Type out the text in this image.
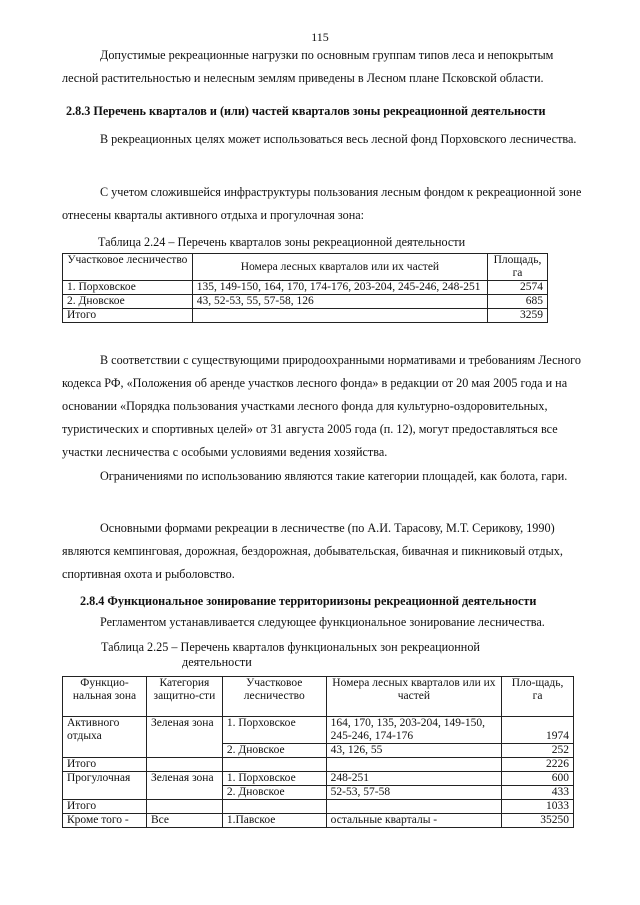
115

Допустимые рекреационные нагрузки по основным группам типов леса и непокрытым лесной растительностью и нелесным землям приведены в Лесном плане Псковской области.

2.8.3 Перечень кварталов и (или) частей кварталов зоны рекреационной деятельности

В рекреационных целях может использоваться весь лесной фонд Порховского лесничества.

С учетом сложившейся инфраструктуры пользования лесным фондом к рекреационной зоне отнесены кварталы активного отдыха и прогулочная зона:

Таблица 2.24 – Перечень кварталов зоны рекреационной деятельности

Участковое лесничество	Номера лесных кварталов или их частей	Площадь, га
1. Порховское	135, 149-150, 164, 170, 174-176, 203-204, 245-246, 248-251	2574
2. Дновское	43, 52-53, 55, 57-58, 126	685
Итого		3259

В соответствии с существующими природоохранными нормативами и требованиям Лесного кодекса РФ, «Положения об аренде участков лесного фонда» в редакции от 20 мая 2005 года и на основании «Порядка пользования участками лесного фонда для культурно-оздоровительных, туристических и спортивных целей» от 31 августа 2005 года (п. 12), могут предоставляться все участки лесничества с особыми условиями ведения хозяйства.

Ограничениями по использованию являются такие категории площадей, как болота, гари.

Основными формами рекреации в лесничестве (по А.И. Тарасову, М.Т. Серикову, 1990) являются кемпинговая, дорожная, бездорожная, добывательская, бивачная и пикниковый отдых, спортивная охота и рыболовство.

2.8.4 Функциональное зонирование территориизоны рекреационной деятельности

Регламентом устанавливается следующее функциональное зонирование лесничества.

Таблица 2.25 – Перечень кварталов функциональных зон рекреационной

деятельности

Функцио-нальная зона	Категория защитно-сти	Участковое лесничество	Номера лесных кварталов или их частей	Пло-щадь, га
Активного отдыха	Зеленая зона	1. Порховское	164, 170, 135, 203-204, 149-150, 245-246, 174-176	1974
		2. Дновское	43, 126, 55	252
Итого				2226
Прогулочная	Зеленая зона	1. Порховское	248-251	600
		2. Дновское	52-53, 57-58	433
Итого				1033
Кроме того -	Все	1.Павское	остальные кварталы -	35250
